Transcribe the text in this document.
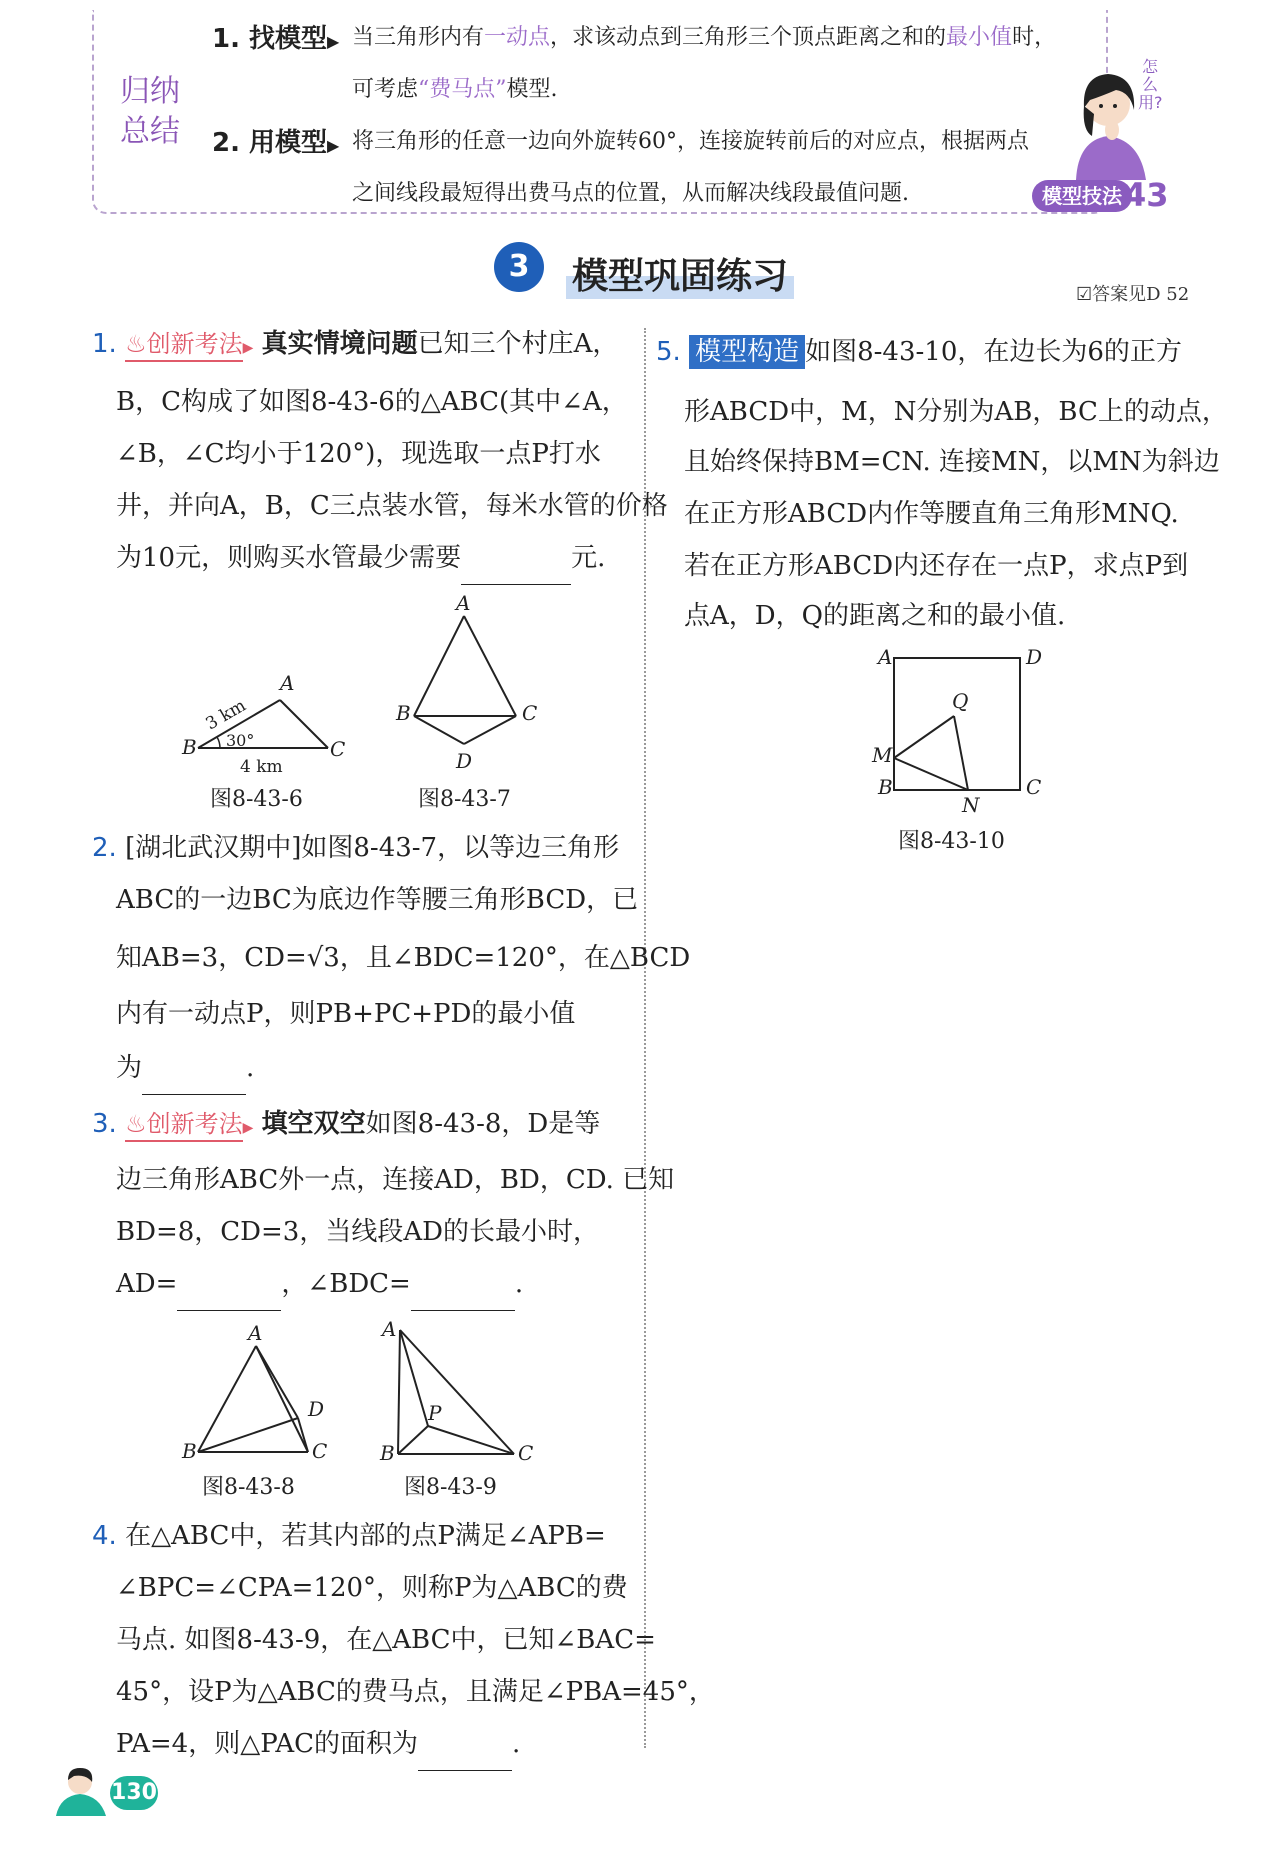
归纳
总结
1. 找模型▶ 当三角形内有一动点，求该动点到三角形三个顶点距离之和的最小值时，
可考虑“费马点”模型.
2. 用模型▶ 将三角形的任意一边向外旋转60°，连接旋转前后的对应点，根据两点
之间线段最短得出费马点的位置，从而解决线段最值问题.
怎么用?
模型技法 43
3	模型巩固练习	☑答案见D 52
1. ♨创新考法▶ 真实情境问题已知三个村庄A，
B，C构成了如图8-43-6的△ABC(其中∠A，
∠B，∠C均小于120°)，现选取一点P打水
井，并向A，B，C三点装水管，每米水管的价格
为10元，则购买水管最少需要	元.
A
B	C
3 km
30°
4 km
图8-43-6
A
B	C
D
图8-43-7
2. [湖北武汉期中]如图8-43-7，以等边三角形
ABC的一边BC为底边作等腰三角形BCD，已
知AB=3，CD=√3，且∠BDC=120°，在△BCD
内有一动点P，则PB+PC+PD的最小值
为	.
3. ♨创新考法▶ 填空双空如图8-43-8，D是等
边三角形ABC外一点，连接AD，BD，CD. 已知
BD=8，CD=3，当线段AD的长最小时，
AD=	，∠BDC=	.
A
B	C
D
图8-43-8
A
B	C
P
图8-43-9
4. 在△ABC中，若其内部的点P满足∠APB=
∠BPC=∠CPA=120°，则称P为△ABC的费
马点. 如图8-43-9，在△ABC中，已知∠BAC=
45°，设P为△ABC的费马点，且满足∠PBA=45°，
PA=4，则△PAC的面积为	.
5. 模型构造 如图8-43-10，在边长为6的正方
形ABCD中，M，N分别为AB，BC上的动点，
且始终保持BM=CN. 连接MN，以MN为斜边
在正方形ABCD内作等腰直角三角形MNQ.
若在正方形ABCD内还存在一点P，求点P到
点A，D，Q的距离之和的最小值.
A	D
Q
M
B	C
N
图8-43-10
130
